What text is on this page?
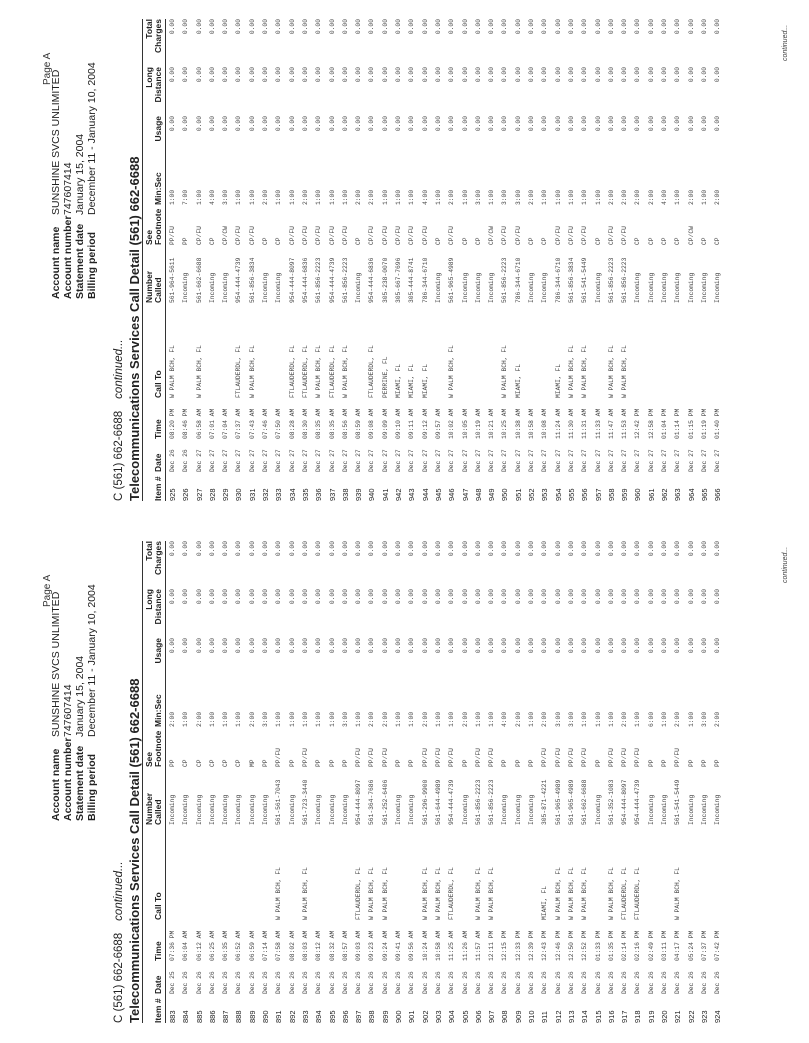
Page A
Account name
SUNSHINE SVCS UNLIMITED
Account number
747607414
Statement date
January 15, 2004
Billing period
December 11 - January 10, 2004
C (561) 662-6688continued... Telecommunications Services Call Detail (561) 662-6688 Item #	Date	Time	Call To	Number Called	See Footnote	Min:Sec	Usage	Long Distance	Total Charges
883	Dec 25	07:36 PM		Incoming	PP	2:00	0.00	0.00	0.00
884	Dec 26	06:04 AM		Incoming	CP	1:00	0.00	0.00	0.00
885	Dec 26	06:12 AM		Incoming	CP	2:00	0.00	0.00	0.00
886	Dec 26	06:25 AM		Incoming	CP	1:00	0.00	0.00	0.00
887	Dec 26	06:35 AM		Incoming	CP	1:00	0.00	0.00	0.00
888	Dec 26	06:52 AM		Incoming	CP	1:00	0.00	0.00	0.00
889	Dec 26	06:59 AM		Incoming	MP	2:00	0.00	0.00	0.00
890	Dec 26	07:14 AM		Incoming	PP	3:00	0.00	0.00	0.00
891	Dec 26	07:58 AM	W PALM BCH, FL	561-561-7043	PP/FU	1:00	0.00	0.00	0.00
892	Dec 26	08:02 AM		Incoming	PP	1:00	0.00	0.00	0.00
893	Dec 26	08:03 AM	W PALM BCH, FL	561-723-3440	PP/FU	1:00	0.00	0.00	0.00
894	Dec 26	08:12 AM		Incoming	PP	1:00	0.00	0.00	0.00
895	Dec 26	08:32 AM		Incoming	PP	1:00	0.00	0.00	0.00
896	Dec 26	08:57 AM		Incoming	PP	3:00	0.00	0.00	0.00
897	Dec 26	09:03 AM	FTLAUDERDL, FL	954-444-8097	PP/FU	1:00	0.00	0.00	0.00
898	Dec 26	09:23 AM	W PALM BCH, FL	561-364-7686	PP/FU	2:00	0.00	0.00	0.00
899	Dec 26	09:24 AM	W PALM BCH, FL	561-252-6406	PP/FU	2:00	0.00	0.00	0.00
900	Dec 26	09:41 AM		Incoming	PP	1:00	0.00	0.00	0.00
901	Dec 26	09:56 AM		Incoming	PP	1:00	0.00	0.00	0.00
902	Dec 26	10:24 AM	W PALM BCH, FL	561-296-9900	PP/FU	2:00	0.00	0.00	0.00
903	Dec 26	10:58 AM	W PALM BCH, FL	561-644-4989	PP/FU	1:00	0.00	0.00	0.00
904	Dec 26	11:25 AM	FTLAUDERDL, FL	954-444-4739	PP/FU	1:00	0.00	0.00	0.00
905	Dec 26	11:26 AM		Incoming	PP	2:00	0.00	0.00	0.00
906	Dec 26	11:57 AM	W PALM BCH, FL	561-856-2223	PP/FU	1:00	0.00	0.00	0.00
907	Dec 26	12:11 PM	W PALM BCH, FL	561-856-2223	PP/FU	1:00	0.00	0.00	0.00
908	Dec 26	12:15 PM		Incoming	PP	4:00	0.00	0.00	0.00
909	Dec 26	12:33 PM		Incoming	PP	2:00	0.00	0.00	0.00
910	Dec 26	12:39 PM		Incoming	PP	1:00	0.00	0.00	0.00
911	Dec 26	12:43 PM	MIAMI, FL	305-871-4221	PP/FU	2:00	0.00	0.00	0.00
912	Dec 26	12:46 PM	W PALM BCH, FL	561-965-4989	PP/FU	3:00	0.00	0.00	0.00
913	Dec 26	12:50 PM	W PALM BCH, FL	561-965-4989	PP/FU	3:00	0.00	0.00	0.00
914	Dec 26	12:52 PM	W PALM BCH, FL	561-662-6688	PP/FU	1:00	0.00	0.00	0.00
915	Dec 26	01:33 PM		Incoming	PP	1:00	0.00	0.00	0.00
916	Dec 26	01:35 PM	W PALM BCH, FL	561-352-1083	PP/FU	1:00	0.00	0.00	0.00
917	Dec 26	02:14 PM	FTLAUDERDL, FL	954-444-8097	PP/FU	2:00	0.00	0.00	0.00
918	Dec 26	02:16 PM	FTLAUDERDL, FL	954-444-4739	PP/FU	1:00	0.00	0.00	0.00
919	Dec 26	02:49 PM		Incoming	PP	6:00	0.00	0.00	0.00
920	Dec 26	03:11 PM		Incoming	PP	1:00	0.00	0.00	0.00
921	Dec 26	04:17 PM	W PALM BCH, FL	561-541-5449	PP/FU	2:00	0.00	0.00	0.00
922	Dec 26	05:24 PM		Incoming	PP	1:00	0.00	0.00	0.00
923	Dec 26	07:37 PM		Incoming	PP	3:00	0.00	0.00	0.00
924	Dec 26	07:42 PM		Incoming	PP	2:00	0.00	0.00	0.00	continued...
Page A
Account name
SUNSHINE SVCS UNLIMITED
Account number
747607414
Statement date
January 15, 2004
Billing period
December 11 - January 10, 2004
C (561) 662-6688continued... Telecommunications Services Call Detail (561) 662-6688 Item #	Date	Time	Call To	Number Called	See Footnote	Min:Sec	Usage	Long Distance	Total Charges
925	Dec 26	08:20 PM	W PALM BCH, FL	561-964-5611	PP/FU	1:00	0.00	0.00	0.00
926	Dec 26	08:46 PM		Incoming	PP	7:00	0.00	0.00	0.00
927	Dec 27	06:58 AM	W PALM BCH, FL	561-662-6688	CP/FU	1:00	0.00	0.00	0.00
928	Dec 27	07:01 AM		Incoming	CP	4:00	0.00	0.00	0.00
929	Dec 27	07:04 AM		Incoming	CP/CW	3:00	0.00	0.00	0.00
930	Dec 27	07:37 AM	FTLAUDERDL, FL	954-444-4739	CP/FU	1:00	0.00	0.00	0.00
931	Dec 27	07:43 AM	W PALM BCH, FL	561-856-3834	CP/FU	1:00	0.00	0.00	0.00
932	Dec 27	07:46 AM		Incoming	CP	2:00	0.00	0.00	0.00
933	Dec 27	07:50 AM		Incoming	CP	1:00	0.00	0.00	0.00
934	Dec 27	08:28 AM	FTLAUDERDL, FL	954-444-8097	CP/FU	1:00	0.00	0.00	0.00
935	Dec 27	08:30 AM	FTLAUDERDL, FL	954-444-6836	CP/FU	2:00	0.00	0.00	0.00
936	Dec 27	08:35 AM	W PALM BCH, FL	561-856-2223	CP/FU	1:00	0.00	0.00	0.00
937	Dec 27	08:35 AM	FTLAUDERDL, FL	954-444-4739	CP/FU	1:00	0.00	0.00	0.00
938	Dec 27	08:56 AM	W PALM BCH, FL	561-856-2223	CP/FU	1:00	0.00	0.00	0.00
939	Dec 27	08:59 AM		Incoming	CP	2:00	0.00	0.00	0.00
940	Dec 27	09:08 AM	FTLAUDERDL, FL	954-444-6836	CP/FU	2:00	0.00	0.00	0.00
941	Dec 27	09:09 AM	PERRINE, FL	305-238-0070	CP/FU	1:00	0.00	0.00	0.00
942	Dec 27	09:10 AM	MIAMI, FL	305-667-7696	CP/FU	1:00	0.00	0.00	0.00
943	Dec 27	09:11 AM	MIAMI, FL	305-444-8741	CP/FU	1:00	0.00	0.00	0.00
944	Dec 27	09:12 AM	MIAMI, FL	786-344-6710	CP/FU	4:00	0.00	0.00	0.00
945	Dec 27	09:57 AM		Incoming	CP	1:00	0.00	0.00	0.00
946	Dec 27	10:02 AM	W PALM BCH, FL	561-965-4989	CP/FU	2:00	0.00	0.00	0.00
947	Dec 27	10:05 AM		Incoming	CP	1:00	0.00	0.00	0.00
948	Dec 27	10:19 AM		Incoming	CP	3:00	0.00	0.00	0.00
949	Dec 27	10:21 AM		Incoming	CP/CW	1:00	0.00	0.00	0.00
950	Dec 27	10:25 AM	W PALM BCH, FL	561-856-2223	CP/FU	3:00	0.00	0.00	0.00
951	Dec 27	10:38 AM	MIAMI, FL	786-344-6710	CP/FU	3:00	0.00	0.00	0.00
952	Dec 27	10:58 AM		Incoming	CP	2:00	0.00	0.00	0.00
953	Dec 27	10:08 AM		Incoming	CP	1:00	0.00	0.00	0.00
954	Dec 27	11:24 AM	MIAMI, FL	786-344-6710	CP/FU	1:00	0.00	0.00	0.00
955	Dec 27	11:30 AM	W PALM BCH, FL	561-856-3834	CP/FU	1:00	0.00	0.00	0.00
956	Dec 27	11:31 AM	W PALM BCH, FL	561-541-5449	CP/FU	1:00	0.00	0.00	0.00
957	Dec 27	11:33 AM		Incoming	CP	1:00	0.00	0.00	0.00
958	Dec 27	11:47 AM	W PALM BCH, FL	561-856-2223	CP/FU	2:00	0.00	0.00	0.00
959	Dec 27	11:53 AM	W PALM BCH, FL	561-856-2223	CP/FU	2:00	0.00	0.00	0.00
960	Dec 27	12:42 PM		Incoming	CP	2:00	0.00	0.00	0.00
961	Dec 27	12:58 PM		Incoming	CP	2:00	0.00	0.00	0.00
962	Dec 27	01:04 PM		Incoming	CP	4:00	0.00	0.00	0.00
963	Dec 27	01:14 PM		Incoming	CP	1:00	0.00	0.00	0.00
964	Dec 27	01:15 PM		Incoming	CP/CW	2:00	0.00	0.00	0.00
965	Dec 27	01:19 PM		Incoming	CP	1:00	0.00	0.00	0.00
966	Dec 27	01:40 PM		Incoming	CP	2:00	0.00	0.00	0.00	continued...
